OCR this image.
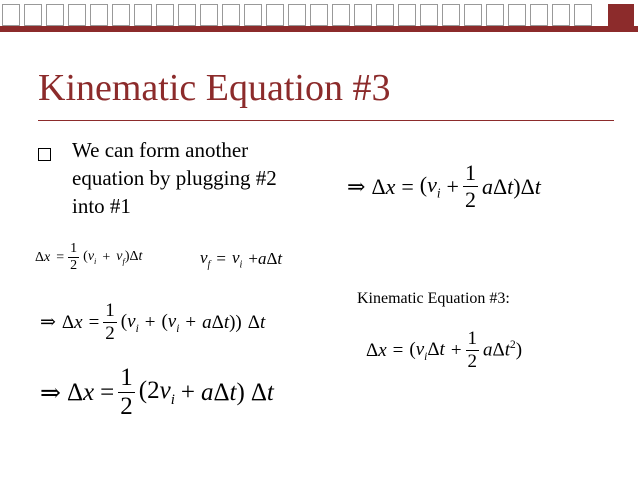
Kinematic Equation #3
We can form another equation by plugging #2 into #1
⇒ $\Delta x = (v_i + \frac{1}{2} a\Delta t)\Delta t$
$\Delta x = \frac{1}{2} (v_i + v_f)\Delta t$	$v_f = v_i + a\Delta t$
Kinematic Equation #3:
⇒ $\Delta x = \frac{1}{2} (v_i + (v_i + a\Delta t))$ Δt
$\Delta x = (v_i\Delta t + \frac{1}{2} a\Delta t^2)$
⇒ $\Delta x = \frac{1}{2} (2v_i + a\Delta t)$ Δt
